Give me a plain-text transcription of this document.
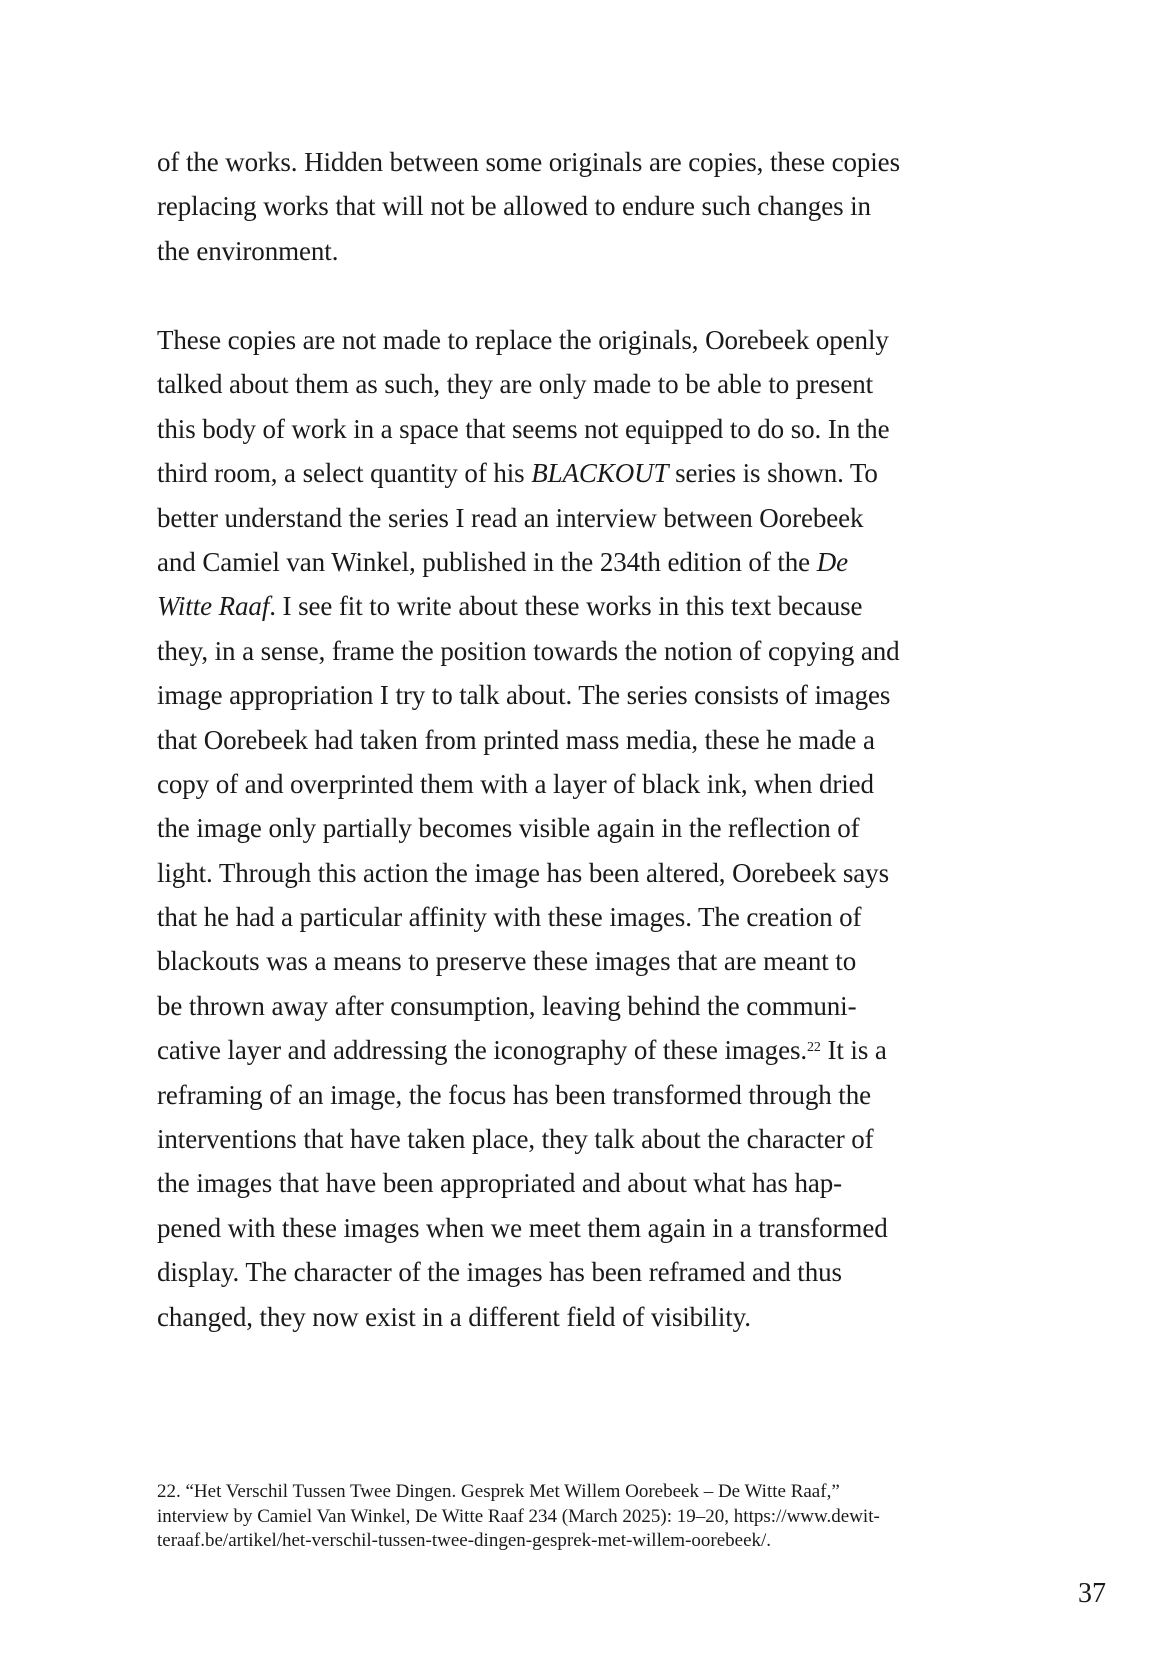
of the works. Hidden between some originals are copies, these copies
replacing works that will not be allowed to endure such changes in
the environment.
These copies are not made to replace the originals, Oorebeek openly
talked about them as such, they are only made to be able to present
this body of work in a space that seems not equipped to do so. In the
third room, a select quantity of his BLACKOUT series is shown. To
better understand the series I read an interview between Oorebeek
and Camiel van Winkel, published in the 234th edition of the De
Witte Raaf. I see fit to write about these works in this text because
they, in a sense, frame the position towards the notion of copying and
image appropriation I try to talk about. The series consists of images
that Oorebeek had taken from printed mass media, these he made a
copy of and overprinted them with a layer of black ink, when dried
the image only partially becomes visible again in the reflection of
light. Through this action the image has been altered, Oorebeek says
that he had a particular affinity with these images. The creation of
blackouts was a means to preserve these images that are meant to
be thrown away after consumption, leaving behind the communi-
cative layer and addressing the iconography of these images.$^{22}$ It is a
reframing of an image, the focus has been transformed through the
interventions that have taken place, they talk about the character of
the images that have been appropriated and about what has hap-
pened with these images when we meet them again in a transformed
display. The character of the images has been reframed and thus
changed, they now exist in a different field of visibility.
22. “Het Verschil Tussen Twee Dingen. Gesprek Met Willem Oorebeek – De Witte Raaf,”
interview by Camiel Van Winkel, De Witte Raaf 234 (March 2025): 19–20, https://www.dewit-
teraaf.be/artikel/het-verschil-tussen-twee-dingen-gesprek-met-willem-oorebeek/.
37
